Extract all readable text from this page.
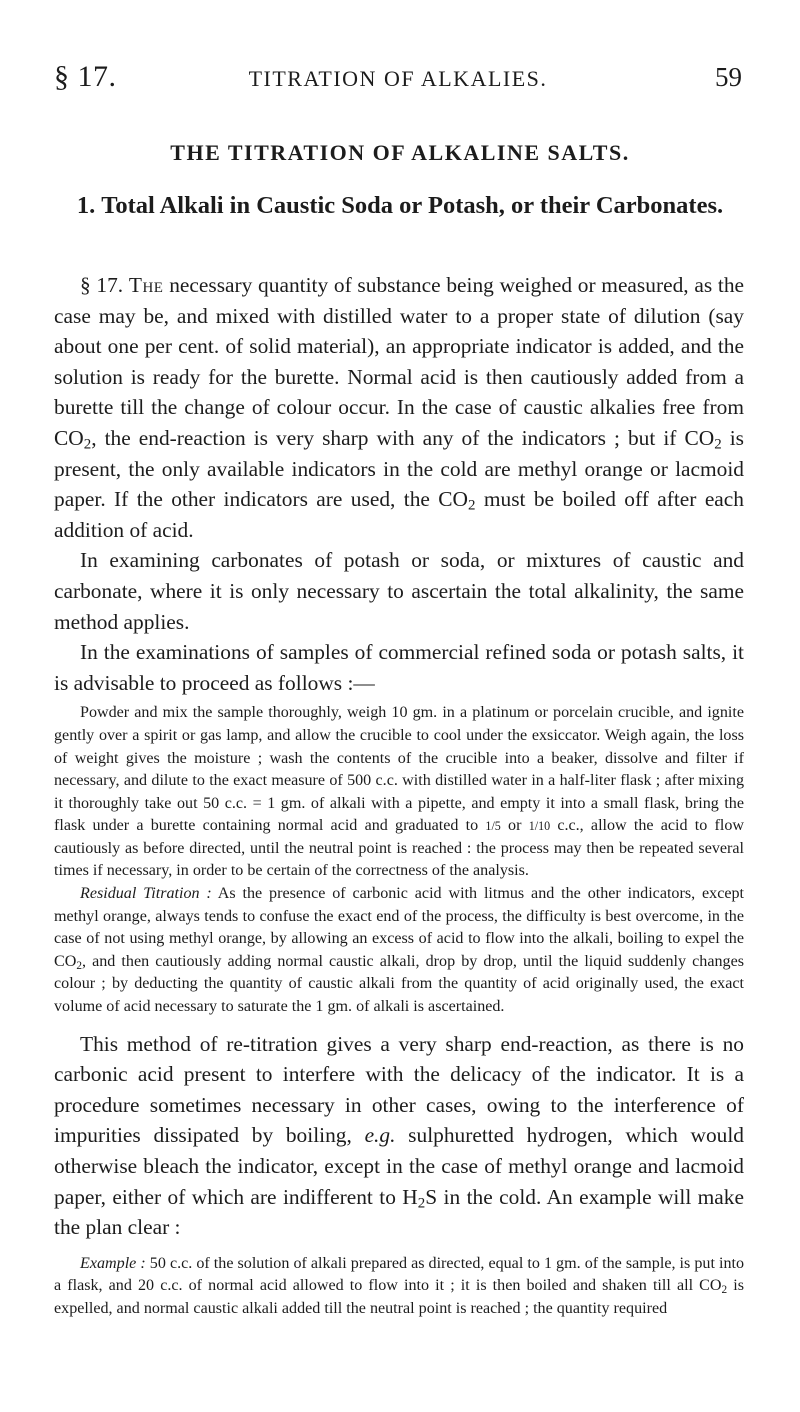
§ 17.	TITRATION OF ALKALIES.	59
THE TITRATION OF ALKALINE SALTS.
1. Total Alkali in Caustic Soda or Potash, or their Carbonates.

§ 17. The necessary quantity of substance being weighed or measured, as the case may be, and mixed with distilled water to a proper state of dilution (say about one per cent. of solid material), an appropriate indicator is added, and the solution is ready for the burette. Normal acid is then cautiously added from a burette till the change of colour occur. In the case of caustic alkalies free from $CO_2$, the end-reaction is very sharp with any of the indicators ; but if $CO_2$ is present, the only available indicators in the cold are methyl orange or lacmoid paper. If the other indicators are used, the $CO_2$ must be boiled off after each addition of acid.

In examining carbonates of potash or soda, or mixtures of caustic and carbonate, where it is only necessary to ascertain the total alkalinity, the same method applies.

In the examinations of samples of commercial refined soda or potash salts, it is advisable to proceed as follows :—

Powder and mix the sample thoroughly, weigh 10 gm. in a platinum or porcelain crucible, and ignite gently over a spirit or gas lamp, and allow the crucible to cool under the exsiccator. Weigh again, the loss of weight gives the moisture ; wash the contents of the crucible into a beaker, dissolve and filter if necessary, and dilute to the exact measure of 500 c.c. with distilled water in a half-liter flask ; after mixing it thoroughly take out 50 c.c. = 1 gm. of alkali with a pipette, and empty it into a small flask, bring the flask under a burette containing normal acid and graduated to 1/5 or 1/10 c.c., allow the acid to flow cautiously as before directed, until the neutral point is reached : the process may then be repeated several times if necessary, in order to be certain of the correctness of the analysis.

Residual Titration : As the presence of carbonic acid with litmus and the other indicators, except methyl orange, always tends to confuse the exact end of the process, the difficulty is best overcome, in the case of not using methyl orange, by allowing an excess of acid to flow into the alkali, boiling to expel the $CO_2$, and then cautiously adding normal caustic alkali, drop by drop, until the liquid suddenly changes colour ; by deducting the quantity of caustic alkali from the quantity of acid originally used, the exact volume of acid necessary to saturate the 1 gm. of alkali is ascertained.

This method of re-titration gives a very sharp end-reaction, as there is no carbonic acid present to interfere with the delicacy of the indicator. It is a procedure sometimes necessary in other cases, owing to the interference of impurities dissipated by boiling, e.g. sulphuretted hydrogen, which would otherwise bleach the indicator, except in the case of methyl orange and lacmoid paper, either of which are indifferent to $H_2S$ in the cold. An example will make the plan clear :

Example : 50 c.c. of the solution of alkali prepared as directed, equal to 1 gm. of the sample, is put into a flask, and 20 c.c. of normal acid allowed to flow into it ; it is then boiled and shaken till all $CO_2$ is expelled, and normal caustic alkali added till the neutral point is reached ; the quantity required
